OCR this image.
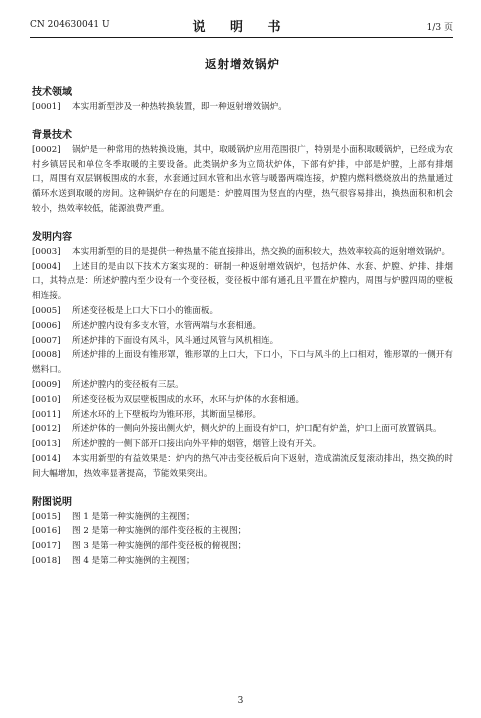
CN 204630041 U	说 明 书	1/3 页
返射增效锅炉
技术领域

[0001] 本实用新型涉及一种热转换装置，即一种返射增效锅炉。

背景技术

[0002] 锅炉是一种常用的热转换设施，其中，取暖锅炉应用范围很广，特别是小面积取暖锅炉，已经成为农村乡镇居民和单位冬季取暖的主要设备。此类锅炉多为立筒状炉体，下部有炉排，中部是炉膛，上部有排烟口，周围有双层钢板围成的水套，水套通过回水管和出水管与暖器两端连接，炉膛内燃料燃烧放出的热量通过循环水送到取暖的房间。这种锅炉存在的问题是：炉膛周围为竖直的内壁，热气很容易排出，换热面积和机会较小，热效率较低，能源浪费严重。

发明内容

[0003] 本实用新型的目的是提供一种热量不能直接排出，热交换的面积较大，热效率较高的返射增效锅炉。

[0004] 上述目的是由以下技术方案实现的：研制一种返射增效锅炉，包括炉体、水套、炉膛、炉排、排烟口，其特点是：所述炉膛内至少设有一个变径板，变径板中部有通孔且平置在炉膛内，周围与炉膛四周的壁板相连接。

[0005] 所述变径板是上口大下口小的锥面板。

[0006] 所述炉膛内设有多支水管，水管两端与水套相通。

[0007] 所述炉排的下面设有风斗，风斗通过风管与风机相连。

[0008] 所述炉排的上面设有锥形罩，锥形罩的上口大，下口小，下口与风斗的上口相对，锥形罩的一侧开有燃料口。

[0009] 所述炉膛内的变径板有三层。

[0010] 所述变径板为双层壁板围成的水环，水环与炉体的水套相通。

[0011] 所述水环的上下壁板均为锥环形，其断面呈梯形。

[0012] 所述炉体的一侧向外接出侧火炉，侧火炉的上面设有炉口，炉口配有炉盖，炉口上面可放置锅具。

[0013] 所述炉膛的一侧下部开口接出向外平伸的烟管，烟管上设有开关。

[0014] 本实用新型的有益效果是：炉内的热气冲击变径板后向下返射，造成湍流反复滚动排出，热交换的时间大幅增加，热效率显著提高，节能效果突出。

附图说明

[0015] 图 1 是第一种实施例的主视图；

[0016] 图 2 是第一种实施例的部件变径板的主视图；

[0017] 图 3 是第一种实施例的部件变径板的俯视图；

[0018] 图 4 是第二种实施例的主视图；

3
